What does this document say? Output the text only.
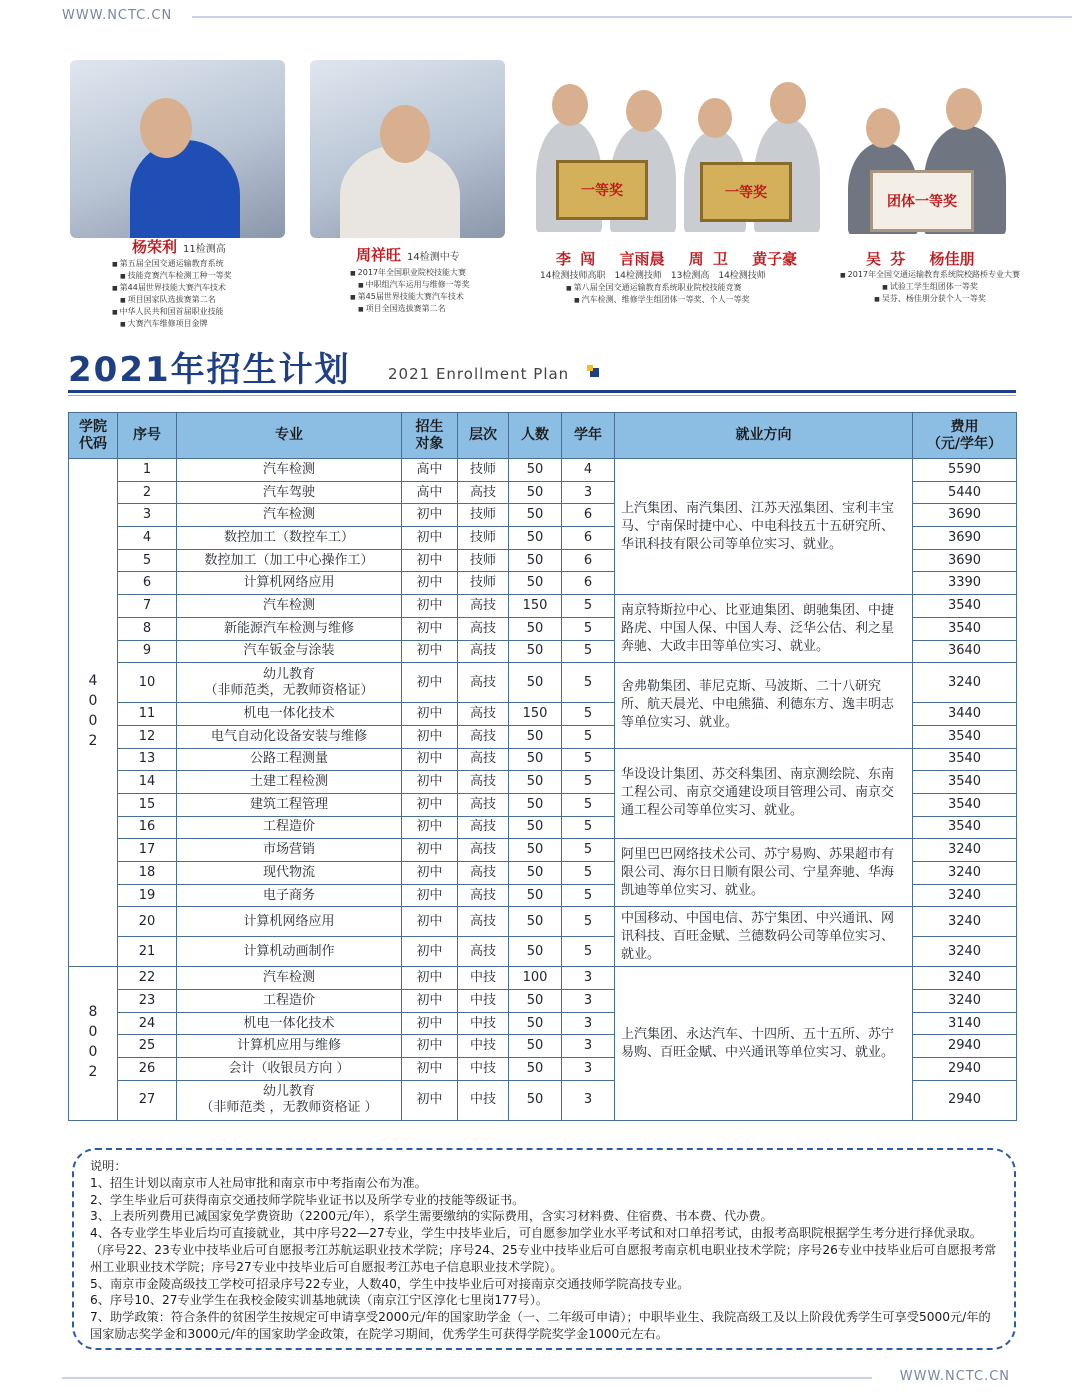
WWW.NCTC.CN
杨荣利 11检测高
■ 第五届全国交通运输教育系统
■ 技能竞赛汽车检测工种一等奖
■ 第44届世界技能大赛汽车技术
■ 项目国家队选拔赛第二名
■ 中华人民共和国首届职业技能
■ 大赛汽车维修项目金牌
周祥旺 14检测中专
■ 2017年全国职业院校技能大赛
■ 中职组汽车运用与维修一等奖
■ 第45届世界技能大赛汽车技术
■ 项目全国选拔赛第二名
一等奖	一等奖
李 闯　 言雨晨　 周 卫　 黄子豪
14检测技师高职　14检测技师　13检测高　14检测技师
■ 第八届全国交通运输教育系统职业院校技能竞赛
■ 汽车检测、维修学生组团体一等奖、个人一等奖
团体一等奖
吴 芬　 杨佳朋
■ 2017年全国交通运输教育系统院校路桥专业大赛
■ 试验工学生组团体一等奖
■ 吴芬、杨佳朋分获个人一等奖
2021年招生计划 2021 Enrollment Plan
学院
代码	序号	专业	招生
对象	层次	人数	学年	就业方向	费用
（元/学年）
4002	1	汽车检测	高中	技师	50	4	上汽集团、南汽集团、江苏天泓集团、宝利丰宝马、宁南保时捷中心、中电科技五十五研究所、华讯科技有限公司等单位实习、就业。	5590
	2	汽车驾驶	高中	高技	50	3		5440
	3	汽车检测	初中	技师	50	6		3690
	4	数控加工（数控车工）	初中	技师	50	6		3690
	5	数控加工（加工中心操作工）	初中	技师	50	6		3690
	6	计算机网络应用	初中	技师	50	6		3390
	7	汽车检测	初中	高技	150	5	南京特斯拉中心、比亚迪集团、朗驰集团、中捷路虎、中国人保、中国人寿、泛华公估、利之星奔驰、大政丰田等单位实习、就业。	3540
	8	新能源汽车检测与维修	初中	高技	50	5		3540
	9	汽车钣金与涂装	初中	高技	50	5		3640
	10	幼儿教育
（非师范类，无教师资格证）	初中	高技	50	5	舍弗勒集团、菲尼克斯、马波斯、二十八研究所、航天晨光、中电熊猫、利德东方、逸丰明志等单位实习、就业。	3240
	11	机电一体化技术	初中	高技	150	5		3440
	12	电气自动化设备安装与维修	初中	高技	50	5		3540
	13	公路工程测量	初中	高技	50	5	华设设计集团、苏交科集团、南京测绘院、东南工程公司、南京交通建设项目管理公司、南京交通工程公司等单位实习、就业。	3540
	14	土建工程检测	初中	高技	50	5		3540
	15	建筑工程管理	初中	高技	50	5		3540
	16	工程造价	初中	高技	50	5		3540
	17	市场营销	初中	高技	50	5	阿里巴巴网络技术公司、苏宁易购、苏果超市有限公司、海尔日日顺有限公司、宁星奔驰、华海凯迪等单位实习、就业。	3240
	18	现代物流	初中	高技	50	5		3240
	19	电子商务	初中	高技	50	5		3240
	20	计算机网络应用	初中	高技	50	5	中国移动、中国电信、苏宁集团、中兴通讯、网讯科技、百旺金赋、兰德数码公司等单位实习、就业。	3240
	21	计算机动画制作	初中	高技	50	5		3240
8002	22	汽车检测	初中	中技	100	3	上汽集团、永达汽车、十四所、五十五所、苏宁易购、百旺金赋、中兴通讯等单位实习、就业。	3240
	23	工程造价	初中	中技	50	3		3240
	24	机电一体化技术	初中	中技	50	3		3140
	25	计算机应用与维修	初中	中技	50	3		2940
	26	会计（收银员方向 ）	初中	中技	50	3		2940
	27	幼儿教育
（非师范类 ，无教师资格证 ）	初中	中技	50	3		2940
说明：
1、招生计划以南京市人社局审批和南京市中考指南公布为准。
2、学生毕业后可获得南京交通技师学院毕业证书以及所学专业的技能等级证书。
3、上表所列费用已减国家免学费资助（2200元/年），系学生需要缴纳的实际费用，含实习材料费、住宿费、书本费、代办费。
4、各专业学生毕业后均可直接就业，其中序号22—27专业，学生中技毕业后，可自愿参加学业水平考试和对口单招考试，由报考高职院根据学生考分进行择优录取。（序号22、23专业中技毕业后可自愿报考江苏航运职业技术学院；序号24、25专业中技毕业后可自愿报考南京机电职业技术学院；序号26专业中技毕业后可自愿报考常州工业职业技术学院；序号27专业中技毕业后可自愿报考江苏电子信息职业技术学院）。
5、南京市金陵高级技工学校可招录序号22专业，人数40，学生中技毕业后可对接南京交通技师学院高技专业。
6、序号10、27专业学生在我校金陵实训基地就读（南京江宁区淳化七里岗177号）。
7、助学政策：符合条件的贫困学生按规定可申请享受2000元/年的国家助学金（一、二年级可申请）；中职毕业生、我院高级工及以上阶段优秀学生可享受5000元/年的国家励志奖学金和3000元/年的国家助学金政策，在院学习期间，优秀学生可获得学院奖学金1000元左右。
WWW.NCTC.CN
